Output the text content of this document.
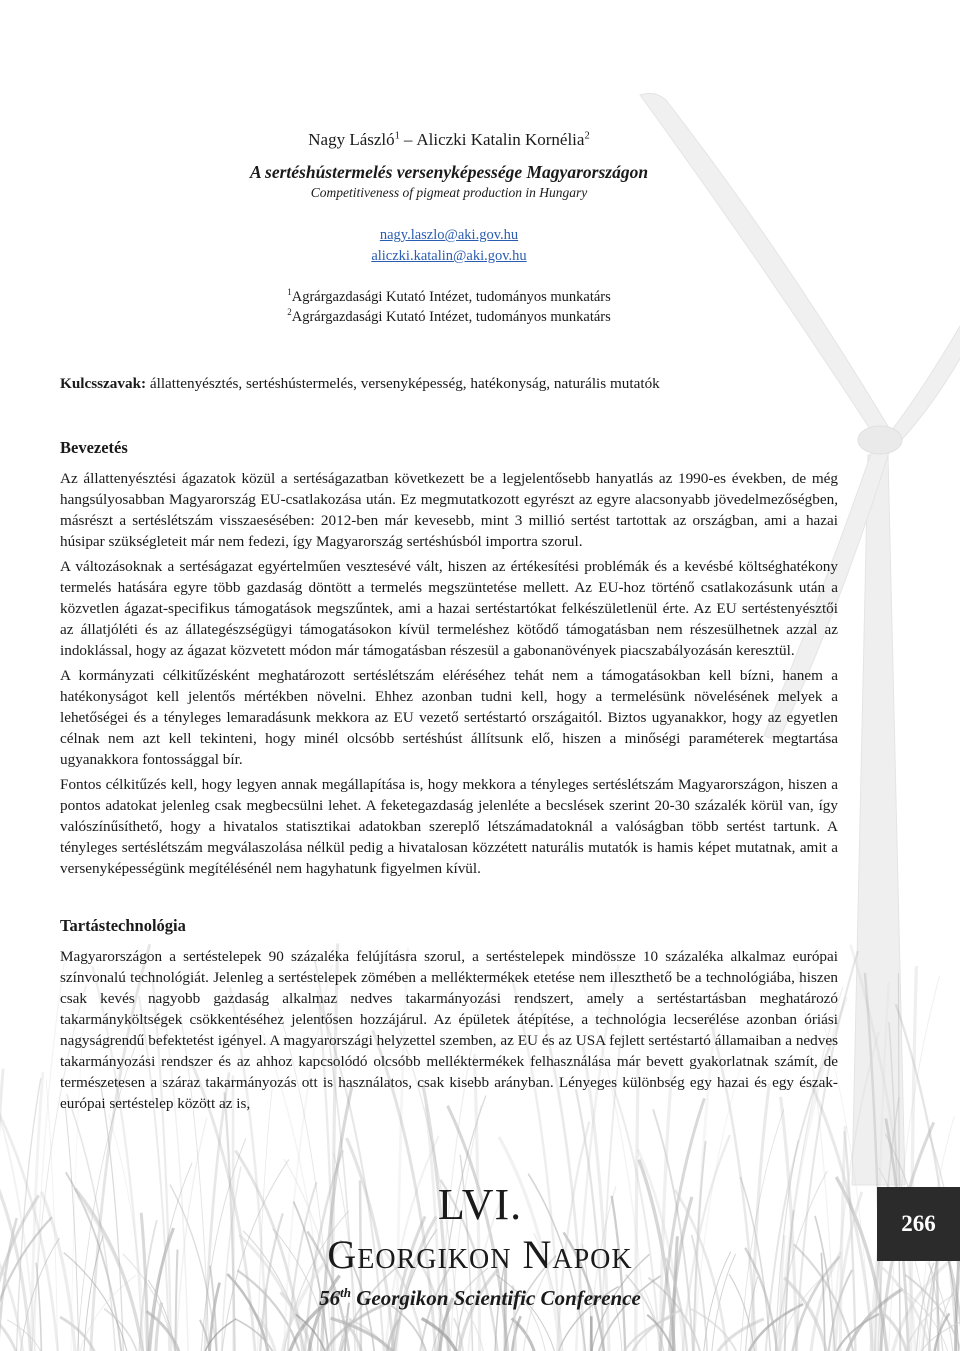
Nagy László$^1$ – Aliczki Katalin Kornélia$^2$
A sertéshústermelés versenyképessége Magyarországon
Competitiveness of pigmeat production in Hungary
nagy.laszlo@aki.gov.hu
aliczki.katalin@aki.gov.hu
$^1$Agrárgazdasági Kutató Intézet, tudományos munkatárs
$^2$Agrárgazdasági Kutató Intézet, tudományos munkatárs

Kulcsszavak: állattenyésztés, sertéshústermelés, versenyképesség, hatékonyság, naturális mutatók

Bevezetés

Az állattenyésztési ágazatok közül a sertéságazatban következett be a legjelentősebb hanyatlás az 1990-es években, de még hangsúlyosabban Magyarország EU-csatlakozása után. Ez megmutatkozott egyrészt az egyre alacsonyabb jövedelmezőségben, másrészt a sertéslétszám visszaesésében: 2012-ben már kevesebb, mint 3 millió sertést tartottak az országban, ami a hazai húsipar szükségleteit már nem fedezi, így Magyarország sertéshúsból importra szorul.

A változásoknak a sertéságazat egyértelműen vesztesévé vált, hiszen az értékesítési problémák és a kevésbé költséghatékony termelés hatására egyre több gazdaság döntött a termelés megszüntetése mellett. Az EU-hoz történő csatlakozásunk után a közvetlen ágazat-specifikus támogatások megszűntek, ami a hazai sertéstartókat felkészületlenül érte. Az EU sertéstenyésztői az állatjóléti és az állategészségügyi támogatásokon kívül termeléshez kötődő támogatásban nem részesülhetnek azzal az indoklással, hogy az ágazat közvetett módon már támogatásban részesül a gabonanövények piacszabályozásán keresztül.

A kormányzati célkitűzésként meghatározott sertéslétszám eléréséhez tehát nem a támogatásokban kell bízni, hanem a hatékonyságot kell jelentős mértékben növelni. Ehhez azonban tudni kell, hogy a termelésünk növelésének melyek a lehetőségei és a tényleges lemaradásunk mekkora az EU vezető sertéstartó országaitól. Biztos ugyanakkor, hogy az egyetlen célnak nem azt kell tekinteni, hogy minél olcsóbb sertéshúst állítsunk elő, hiszen a minőségi paraméterek megtartása ugyanakkora fontossággal bír.

Fontos célkitűzés kell, hogy legyen annak megállapítása is, hogy mekkora a tényleges sertéslétszám Magyarországon, hiszen a pontos adatokat jelenleg csak megbecsülni lehet. A feketegazdaság jelenléte a becslések szerint 20-30 százalék körül van, így valószínűsíthető, hogy a hivatalos statisztikai adatokban szereplő létszámadatoknál a valóságban több sertést tartunk. A tényleges sertéslétszám megválaszolása nélkül pedig a hivatalosan közzétett naturális mutatók is hamis képet mutatnak, amit a versenyképességünk megítélésénél nem hagyhatunk figyelmen kívül.

Tartástechnológia

Magyarországon a sertéstelepek 90 százaléka felújításra szorul, a sertéstelepek mindössze 10 százaléka alkalmaz európai színvonalú technológiát. Jelenleg a sertéstelepek zömében a melléktermékek etetése nem illeszthető be a technológiába, hiszen csak kevés nagyobb gazdaság alkalmaz nedves takarmányozási rendszert, amely a sertéstartásban meghatározó takarmányköltségek csökkentéséhez jelentősen hozzájárul. Az épületek átépítése, a technológia lecserélése azonban óriási nagyságrendű befektetést igényel. A magyarországi helyzettel szemben, az EU és az USA fejlett sertéstartó államaiban a nedves takarmányozási rendszer és az ahhoz kapcsolódó olcsóbb melléktermékek felhasználása már bevett gyakorlatnak számít, de természetesen a száraz takarmányozás ott is használatos, csak kisebb arányban. Lényeges különbség egy hazai és egy észak-európai sertéstelep között az is,

LVI.
Georgikon Napok
56th Georgikon Scientific Conference
266
